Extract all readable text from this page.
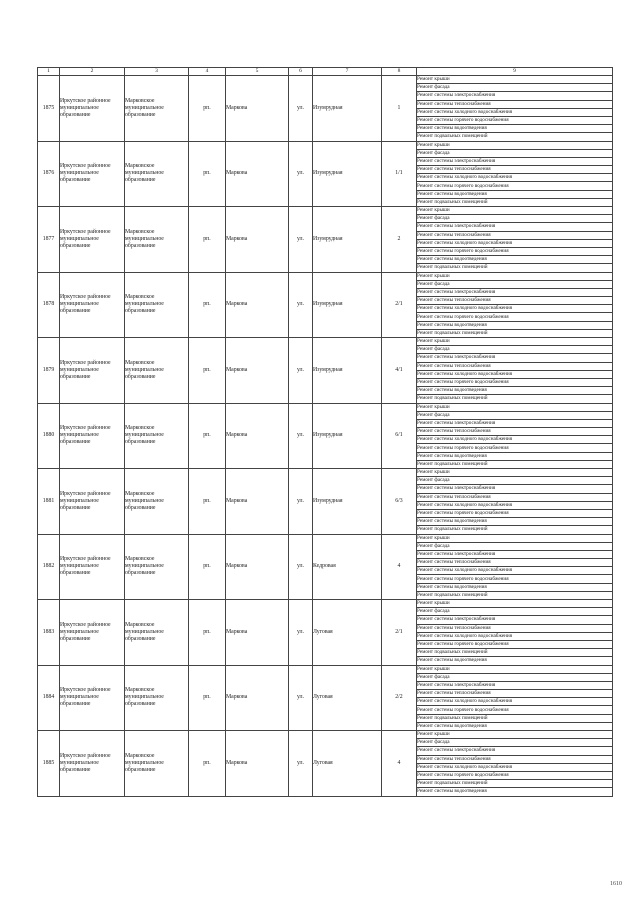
1	2	3	4	5	6	7	8	9
1875	Иркутское районное муниципальное образование	Марковское муниципальное образование	рп.	Маркова	ул.	Изумрудная	1	Ремонт крыши
								Ремонт фасада
								Ремонт системы электроснабжения
								Ремонт системы теплоснабжения
								Ремонт системы холодного водоснабжения
								Ремонт системы горячего водоснабжения
								Ремонт системы водоотведения
								Ремонт подвальных помещений
1876	Иркутское районное муниципальное образование	Марковское муниципальное образование	рп.	Маркова	ул.	Изумрудная	1/1	Ремонт крыши
								Ремонт фасада
								Ремонт системы электроснабжения
								Ремонт системы теплоснабжения
								Ремонт системы холодного водоснабжения
								Ремонт системы горячего водоснабжения
								Ремонт системы водоотведения
								Ремонт подвальных помещений
1877	Иркутское районное муниципальное образование	Марковское муниципальное образование	рп.	Маркова	ул.	Изумрудная	2	Ремонт крыши
								Ремонт фасада
								Ремонт системы электроснабжения
								Ремонт системы теплоснабжения
								Ремонт системы холодного водоснабжения
								Ремонт системы горячего водоснабжения
								Ремонт системы водоотведения
								Ремонт подвальных помещений
1878	Иркутское районное муниципальное образование	Марковское муниципальное образование	рп.	Маркова	ул.	Изумрудная	2/1	Ремонт крыши
								Ремонт фасада
								Ремонт системы электроснабжения
								Ремонт системы теплоснабжения
								Ремонт системы холодного водоснабжения
								Ремонт системы горячего водоснабжения
								Ремонт системы водоотведения
								Ремонт подвальных помещений
1879	Иркутское районное муниципальное образование	Марковское муниципальное образование	рп.	Маркова	ул.	Изумрудная	4/1	Ремонт крыши
								Ремонт фасада
								Ремонт системы электроснабжения
								Ремонт системы теплоснабжения
								Ремонт системы холодного водоснабжения
								Ремонт системы горячего водоснабжения
								Ремонт системы водоотведения
								Ремонт подвальных помещений
1880	Иркутское районное муниципальное образование	Марковское муниципальное образование	рп.	Маркова	ул.	Изумрудная	6/1	Ремонт крыши
								Ремонт фасада
								Ремонт системы электроснабжения
								Ремонт системы теплоснабжения
								Ремонт системы холодного водоснабжения
								Ремонт системы горячего водоснабжения
								Ремонт системы водоотведения
								Ремонт подвальных помещений
1881	Иркутское районное муниципальное образование	Марковское муниципальное образование	рп.	Маркова	ул.	Изумрудная	6/3	Ремонт крыши
								Ремонт фасада
								Ремонт системы электроснабжения
								Ремонт системы теплоснабжения
								Ремонт системы холодного водоснабжения
								Ремонт системы горячего водоснабжения
								Ремонт системы водоотведения
								Ремонт подвальных помещений
1882	Иркутское районное муниципальное образование	Марковское муниципальное образование	рп.	Маркова	ул.	Кедровая	4	Ремонт крыши
								Ремонт фасада
								Ремонт системы электроснабжения
								Ремонт системы теплоснабжения
								Ремонт системы холодного водоснабжения
								Ремонт системы горячего водоснабжения
								Ремонт системы водоотведения
								Ремонт подвальных помещений
1883	Иркутское районное муниципальное образование	Марковское муниципальное образование	рп.	Маркова	ул.	Луговая	2/1	Ремонт крыши
								Ремонт фасада
								Ремонт системы электроснабжения
								Ремонт системы теплоснабжения
								Ремонт системы холодного водоснабжения
								Ремонт системы горячего водоснабжения
								Ремонт подвальных помещений
								Ремонт системы водоотведения
1884	Иркутское районное муниципальное образование	Марковское муниципальное образование	рп.	Маркова	ул.	Луговая	2/2	Ремонт крыши
								Ремонт фасада
								Ремонт системы электроснабжения
								Ремонт системы теплоснабжения
								Ремонт системы холодного водоснабжения
								Ремонт системы горячего водоснабжения
								Ремонт подвальных помещений
								Ремонт системы водоотведения
1885	Иркутское районное муниципальное образование	Марковское муниципальное образование	рп.	Маркова	ул.	Луговая	4	Ремонт крыши
								Ремонт фасада
								Ремонт системы электроснабжения
								Ремонт системы теплоснабжения
								Ремонт системы холодного водоснабжения
								Ремонт системы горячего водоснабжения
								Ремонт подвальных помещений
								Ремонт системы водоотведения
1610
